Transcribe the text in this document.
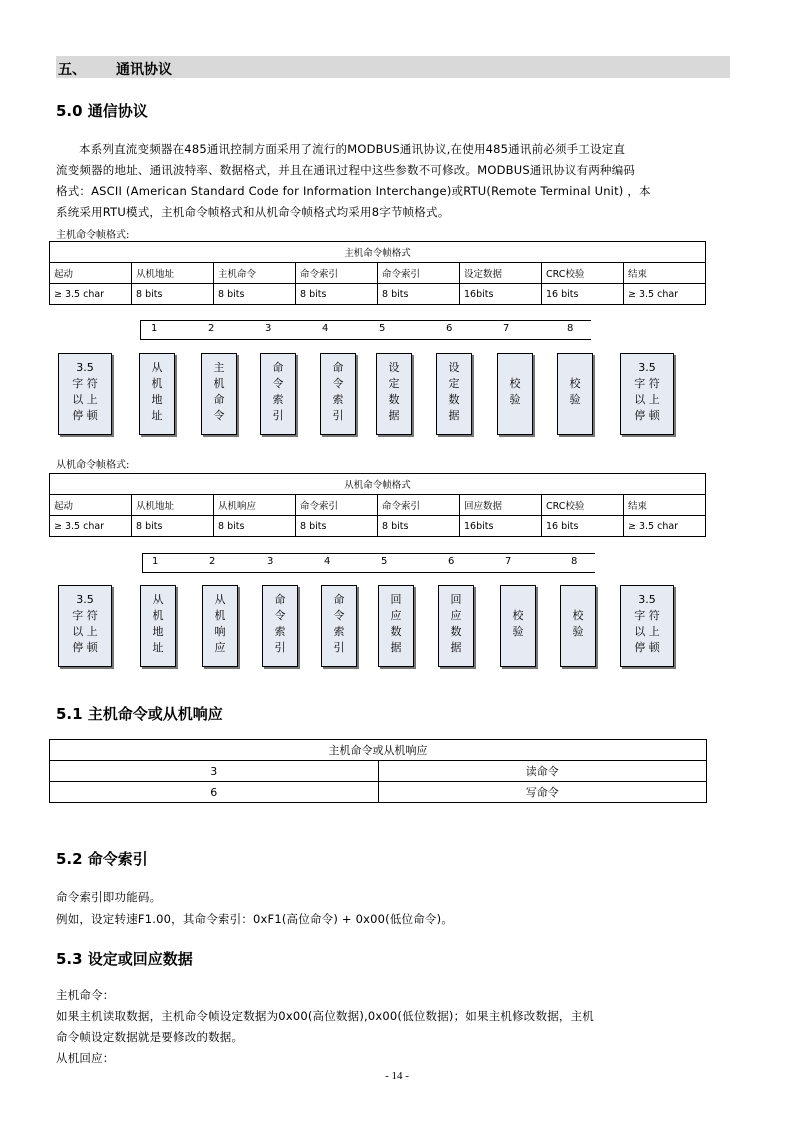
五、 通讯协议
5.0 通信协议

本系列直流变频器在485通讯控制方面采用了流行的MODBUS通讯协议,在使用485通讯前必须手工设定直

流变频器的地址、通讯波特率、数据格式，并且在通讯过程中这些参数不可修改。MODBUS通讯协议有两种编码

格式：ASCII (American Standard Code for Information Interchange)或RTU(Remote Terminal Unit) ，本

系统采用RTU模式，主机命令帧格式和从机命令帧格式均采用8字节帧格式。

主机命令帧格式:
主机命令帧格式							
起动	从机地址	主机命令	命令索引	命令索引	设定数据	CRC校验	结束
≥ 3.5 char	8 bits	8 bits	8 bits	8 bits	16bits	16 bits	≥ 3.5 char
1	2	3	4	5	6	7	8
3.5
字 符
以 上
停 顿
从
机
地
址
主
机
命
令
命
令
索
引
命
令
索
引
设
定
数
据
设
定
数
据
校
验
校
验
3.5
字 符
以 上
停 顿
从机命令帧格式:
从机命令帧格式							
起动	从机地址	从机响应	命令索引	命令索引	回应数据	CRC校验	结束
≥ 3.5 char	8 bits	8 bits	8 bits	8 bits	16bits	16 bits	≥ 3.5 char
1	2	3	4	5	6	7	8
3.5
字 符
以 上
停 顿
从
机
地
址
从
机
响
应
命
令
索
引
命
令
索
引
回
应
数
据
回
应
数
据
校
验
校
验
3.5
字 符
以 上
停 顿
5.1 主机命令或从机响应
主机命令或从机响应	
3	读命令
6	写命令
5.2 命令索引

命令索引即功能码。

例如，设定转速F1.00，其命令索引：0xF1(高位命令) + 0x00(低位命令)。

5.3 设定或回应数据

主机命令：

如果主机读取数据，主机命令帧设定数据为0x00(高位数据),0x00(低位数据)；如果主机修改数据，主机

命令帧设定数据就是要修改的数据。

从机回应：

- 14 -
